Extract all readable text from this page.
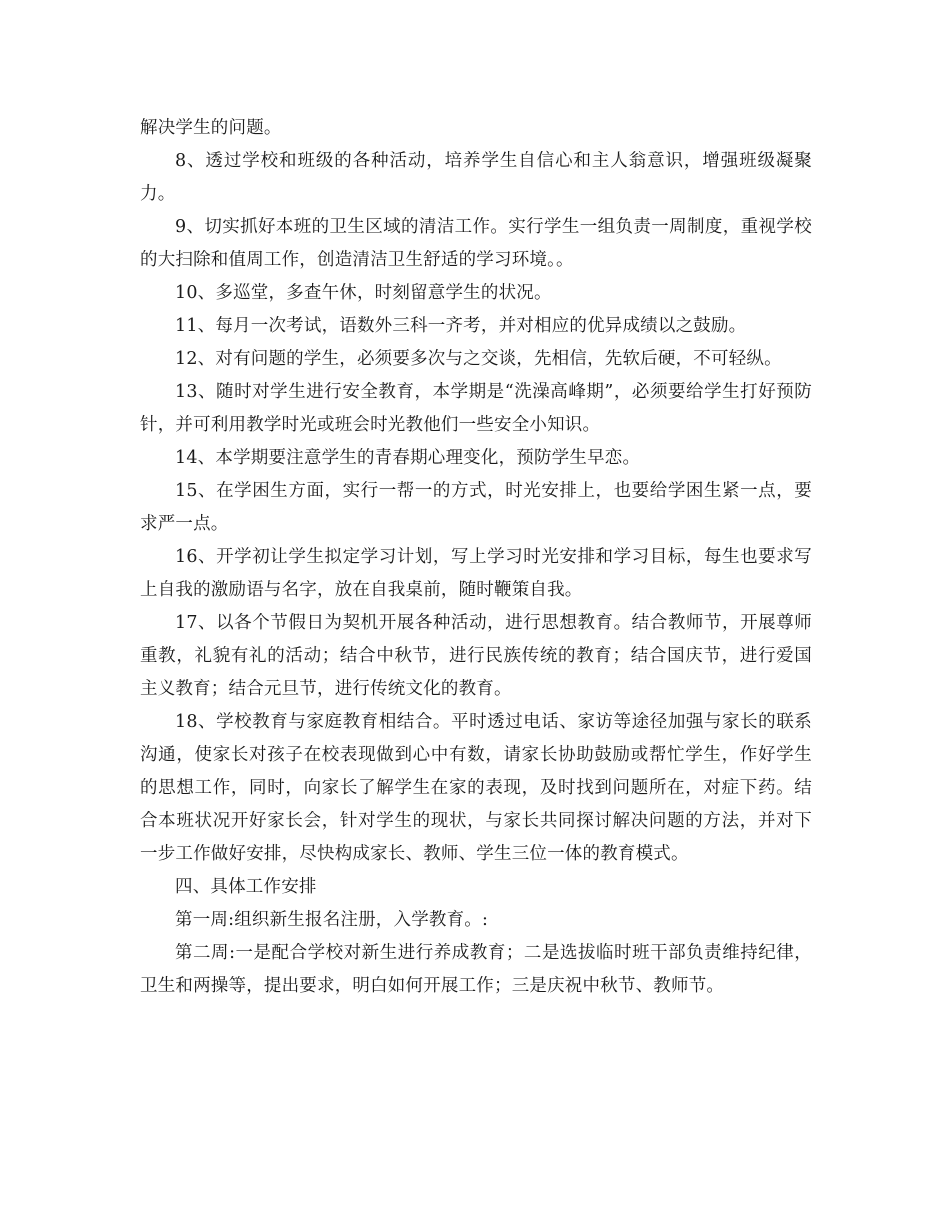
解决学生的问题。

8、透过学校和班级的各种活动，培养学生自信心和主人翁意识，增强班级凝聚力。

9、切实抓好本班的卫生区域的清洁工作。实行学生一组负责一周制度，重视学校的大扫除和值周工作，创造清洁卫生舒适的学习环境。。

10、多巡堂，多查午休，时刻留意学生的状况。

11、每月一次考试，语数外三科一齐考，并对相应的优异成绩以之鼓励。

12、对有问题的学生，必须要多次与之交谈，先相信，先软后硬，不可轻纵。

13、随时对学生进行安全教育，本学期是“洗澡高峰期”，必须要给学生打好预防针，并可利用教学时光或班会时光教他们一些安全小知识。

14、本学期要注意学生的青春期心理变化，预防学生早恋。

15、在学困生方面，实行一帮一的方式，时光安排上，也要给学困生紧一点，要求严一点。

16、开学初让学生拟定学习计划，写上学习时光安排和学习目标，每生也要求写上自我的激励语与名字，放在自我桌前，随时鞭策自我。

17、以各个节假日为契机开展各种活动，进行思想教育。结合教师节，开展尊师重教，礼貌有礼的活动；结合中秋节，进行民族传统的教育；结合国庆节，进行爱国主义教育；结合元旦节，进行传统文化的教育。

18、学校教育与家庭教育相结合。平时透过电话、家访等途径加强与家长的联系沟通，使家长对孩子在校表现做到心中有数，请家长协助鼓励或帮忙学生，作好学生的思想工作，同时，向家长了解学生在家的表现，及时找到问题所在，对症下药。结合本班状况开好家长会，针对学生的现状，与家长共同探讨解决问题的方法，并对下一步工作做好安排，尽快构成家长、教师、学生三位一体的教育模式。

四、具体工作安排

第一周:组织新生报名注册，入学教育。:

第二周:一是配合学校对新生进行养成教育；二是选拔临时班干部负责维持纪律，卫生和两操等，提出要求，明白如何开展工作；三是庆祝中秋节、教师节。
